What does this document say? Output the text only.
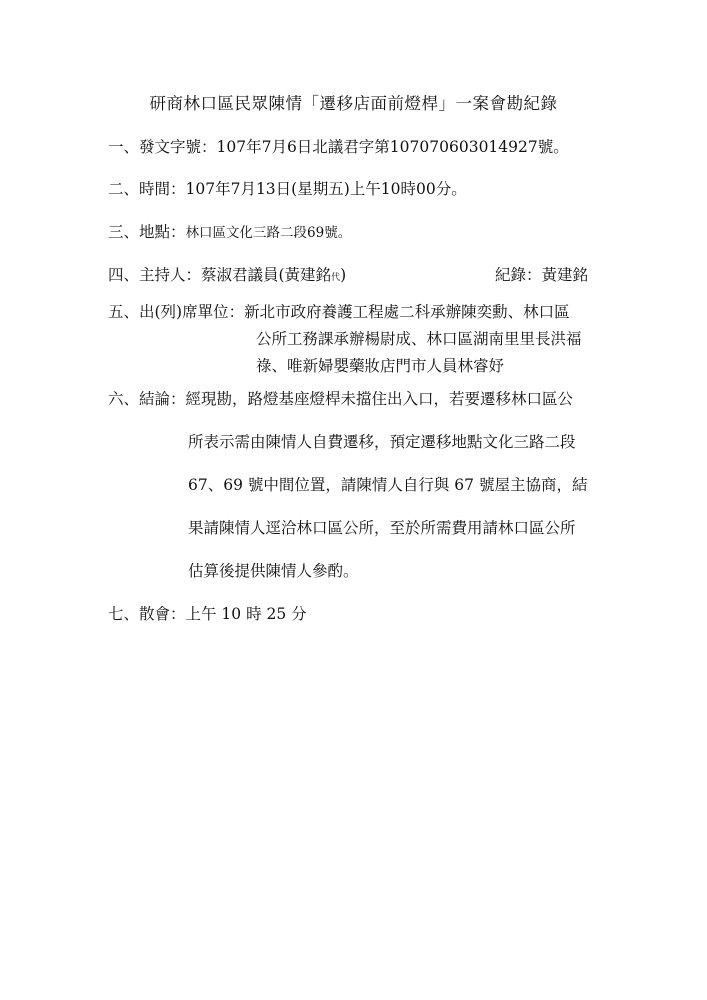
研商林口區民眾陳情「遷移店面前燈桿」一案會勘紀錄
一、發文字號：107年7月6日北議君字第107070603014927號。
二、時間：107年7月13日(星期五)上午10時00分。
三、地點：林口區文化三路二段69號。
四、主持人：蔡淑君議員(黃建銘代)	紀錄：黃建銘
五、出(列)席單位：新北市政府養護工程處二科承辦陳奕勳、林口區
公所工務課承辦楊尉成、林口區湖南里里長洪福
祿、唯新婦嬰藥妝店門市人員林睿妤
六、結論：經現勘，路燈基座燈桿未擋住出入口，若要遷移林口區公
所表示需由陳情人自費遷移，預定遷移地點文化三路二段
67、69 號中間位置，請陳情人自行與 67 號屋主協商，結
果請陳情人逕洽林口區公所，至於所需費用請林口區公所
估算後提供陳情人參酌。
七、散會：上午 10 時 25 分
